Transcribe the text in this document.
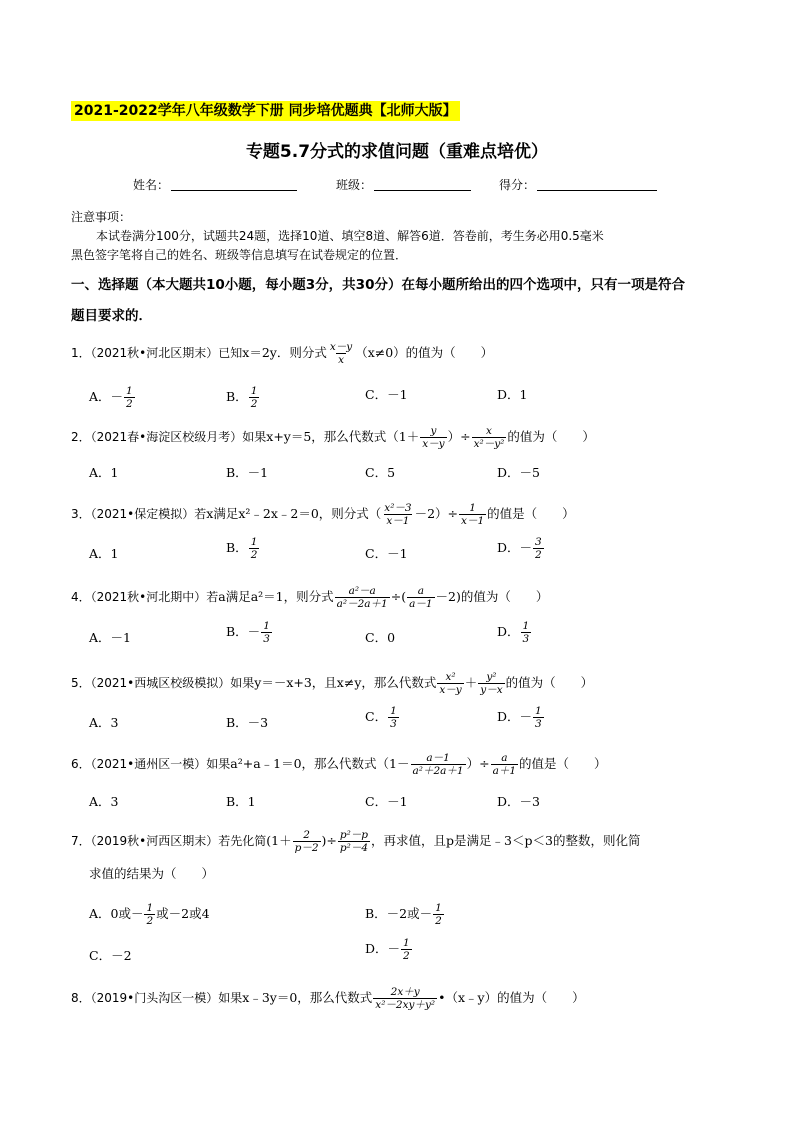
2021-2022学年八年级数学下册 同步培优题典【北师大版】
专题5.7分式的求值问题（重难点培优）
姓名：	班级：	得分：
注意事项：
本试卷满分100分，试题共24题，选择10道、填空8道、解答6道．答卷前，考生务必用0.5毫米
黑色签字笔将自己的姓名、班级等信息填写在试卷规定的位置．
一、选择题（本大题共10小题，每小题3分，共30分）在每小题所给出的四个选项中，只有一项是符合
题目要求的．
1．（2021秋•河北区期末）已知x＝2y．则分式 $\frac{x-y}{x} (x\ne 0)$的值为（　　）
A．－ $\frac{1}{2}$	B． $\frac{1}{2}$	C．－1	D．1
2．（2021春•海淀区校级月考）如果x+y＝5，那么代数式（$1+ \frac{y}{x-y}$ ）÷ $\frac{x}{\text{x²－y²}}$ 的值为（　　）
A．1	B．－1	C．5	D．－5
3．（2021•保定模拟）若x满足x²﹣2x﹣2＝0，则分式（ $\frac{\text{x²－3}}{x-1} -2)\div \frac{1}{x-1}$ 的值是（　　）
A．1	B． $\frac{1}{2}$	C．－1	D．－ $\frac{3}{2}$
4．（2021秋•河北期中）若a满足a²＝1，则分式 $\frac{\text{a²－a}}{\text{a²－2a＋1}}$ ÷( $\frac{a}{a-1} -2$)的值为（　　）
A．－1	B．－ $\frac{1}{3}$	C．0	D． $\frac{1}{3}$
5．（2021•西城区校级模拟）如果y＝－x+3，且x≠y，那么代数式 $\frac{\text{x²}}{x-y} + \frac{\text{y²}}{y-x}$ 的值为（　　）
A．3	B．－3	C． $\frac{1}{3}$	D．－ $\frac{1}{3}$
6．（2021•通州区一模）如果a²+a﹣1＝0，那么代数式（$1- \frac{a-1}{\text{a²＋2a＋1}}$ ）÷ $\frac{a}{a+1}$ 的值是（　　）
A．3	B．1	C．－1	D．－3
7．（2019秋•河西区期末）若先化简($1+ \frac{2}{p-2}$ )÷ $\frac{\text{p²－p}}{\text{p²－4}}$ ，再求值，且p是满足﹣3＜p＜3的整数，则化简
求值的结果为（　　）
A．0或－ $\frac{1}{2}$ 或－2或4	B．－2或－ $\frac{1}{2}$
C．－2	D．－ $\frac{1}{2}$
8．（2019•门头沟区一模）如果x﹣3y＝0，那么代数式 $\frac{2x+y}{\text{x²－2xy＋y²}}$ •（x﹣y）的值为（　　）
